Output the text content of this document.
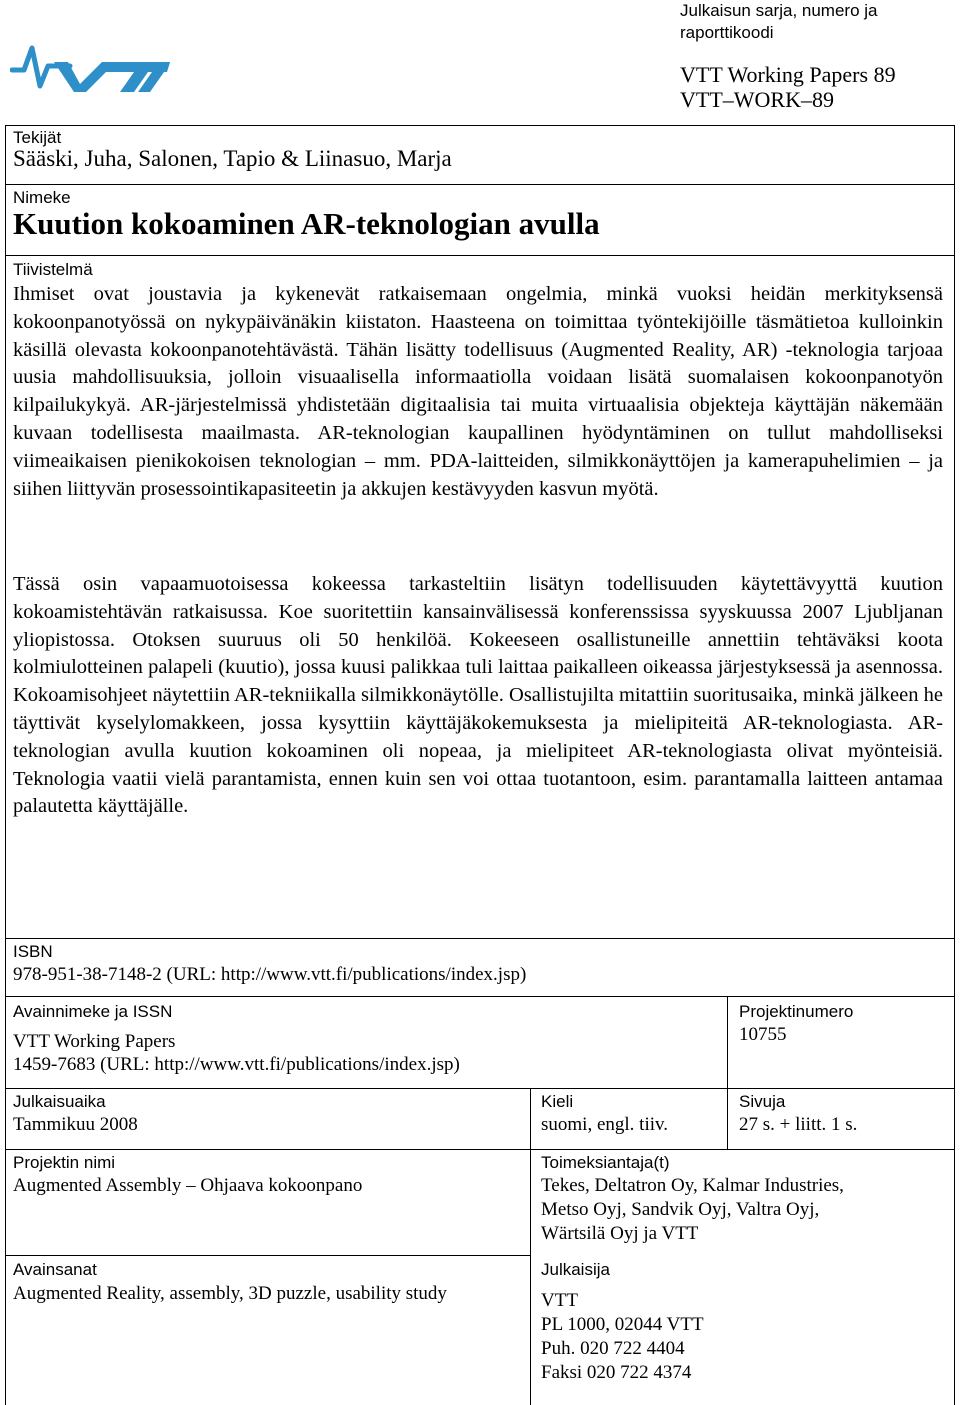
Julkaisun sarja, numero ja raporttikoodi
VTT Working Papers 89
VTT–WORK–89
Tekijät
Sääski, Juha, Salonen, Tapio & Liinasuo, Marja
Nimeke
Kuution kokoaminen AR-teknologian avulla
Tiivistelmä
Ihmiset ovat joustavia ja kykenevät ratkaisemaan ongelmia, minkä vuoksi heidän merkityksensä kokoonpanotyössä on nykypäivänäkin kiistaton. Haasteena on toimittaa työntekijöille täsmätietoa kulloinkin käsillä olevasta kokoonpanotehtävästä. Tähän lisätty todellisuus (Augmented Reality, AR) -teknologia tarjoaa uusia mahdollisuuksia, jolloin visuaalisella informaatiolla voidaan lisätä suomalaisen kokoonpanotyön kilpailukykyä. AR-järjestelmissä yhdistetään digitaalisia tai muita virtuaalisia objekteja käyttäjän näkemään kuvaan todellisesta maailmasta. AR-teknologian kaupallinen hyödyntäminen on tullut mahdolliseksi viimeaikaisen pienikokoisen teknologian – mm. PDA-laitteiden, silmikkonäyttöjen ja kamerapuhelimien – ja siihen liittyvän prosessointikapasiteetin ja akkujen kestävyyden kasvun myötä.
Tässä osin vapaamuotoisessa kokeessa tarkasteltiin lisätyn todellisuuden käytettävyyttä kuution kokoamistehtävän ratkaisussa. Koe suoritettiin kansainvälisessä konferenssissa syyskuussa 2007 Ljubljanan yliopistossa. Otoksen suuruus oli 50 henkilöä. Kokeeseen osallistuneille annettiin tehtäväksi koota kolmiulotteinen palapeli (kuutio), jossa kuusi palikkaa tuli laittaa paikalleen oikeassa järjestyksessä ja asennossa. Kokoamisohjeet näytettiin AR-tekniikalla silmikkonäytölle. Osallistujilta mitattiin suoritusaika, minkä jälkeen he täyttivät kyselylomakkeen, jossa kysyttiin käyttäjäkokemuksesta ja mielipiteitä AR-teknologiasta. AR-teknologian avulla kuution kokoaminen oli nopeaa, ja mielipiteet AR-teknologiasta olivat myönteisiä. Teknologia vaatii vielä parantamista, ennen kuin sen voi ottaa tuotantoon, esim. parantamalla laitteen antamaa palautetta käyttäjälle.
ISBN
978-951-38-7148-2 (URL: http://www.vtt.fi/publications/index.jsp)
Avainnimeke ja ISSN
VTT Working Papers
1459-7683 (URL: http://www.vtt.fi/publications/index.jsp)
Projektinumero
10755
Julkaisuaika
Tammikuu 2008
Kieli
suomi, engl. tiiv.
Sivuja
27 s. + liitt. 1 s.
Projektin nimi
Augmented Assembly – Ohjaava kokoonpano
Toimeksiantaja(t)
Tekes, Deltatron Oy, Kalmar Industries,
Metso Oyj, Sandvik Oyj, Valtra Oyj,
Wärtsilä Oyj ja VTT
Avainsanat
Augmented Reality, assembly, 3D puzzle, usability study
Julkaisija
VTT
PL 1000, 02044 VTT
Puh. 020 722 4404
Faksi 020 722 4374
